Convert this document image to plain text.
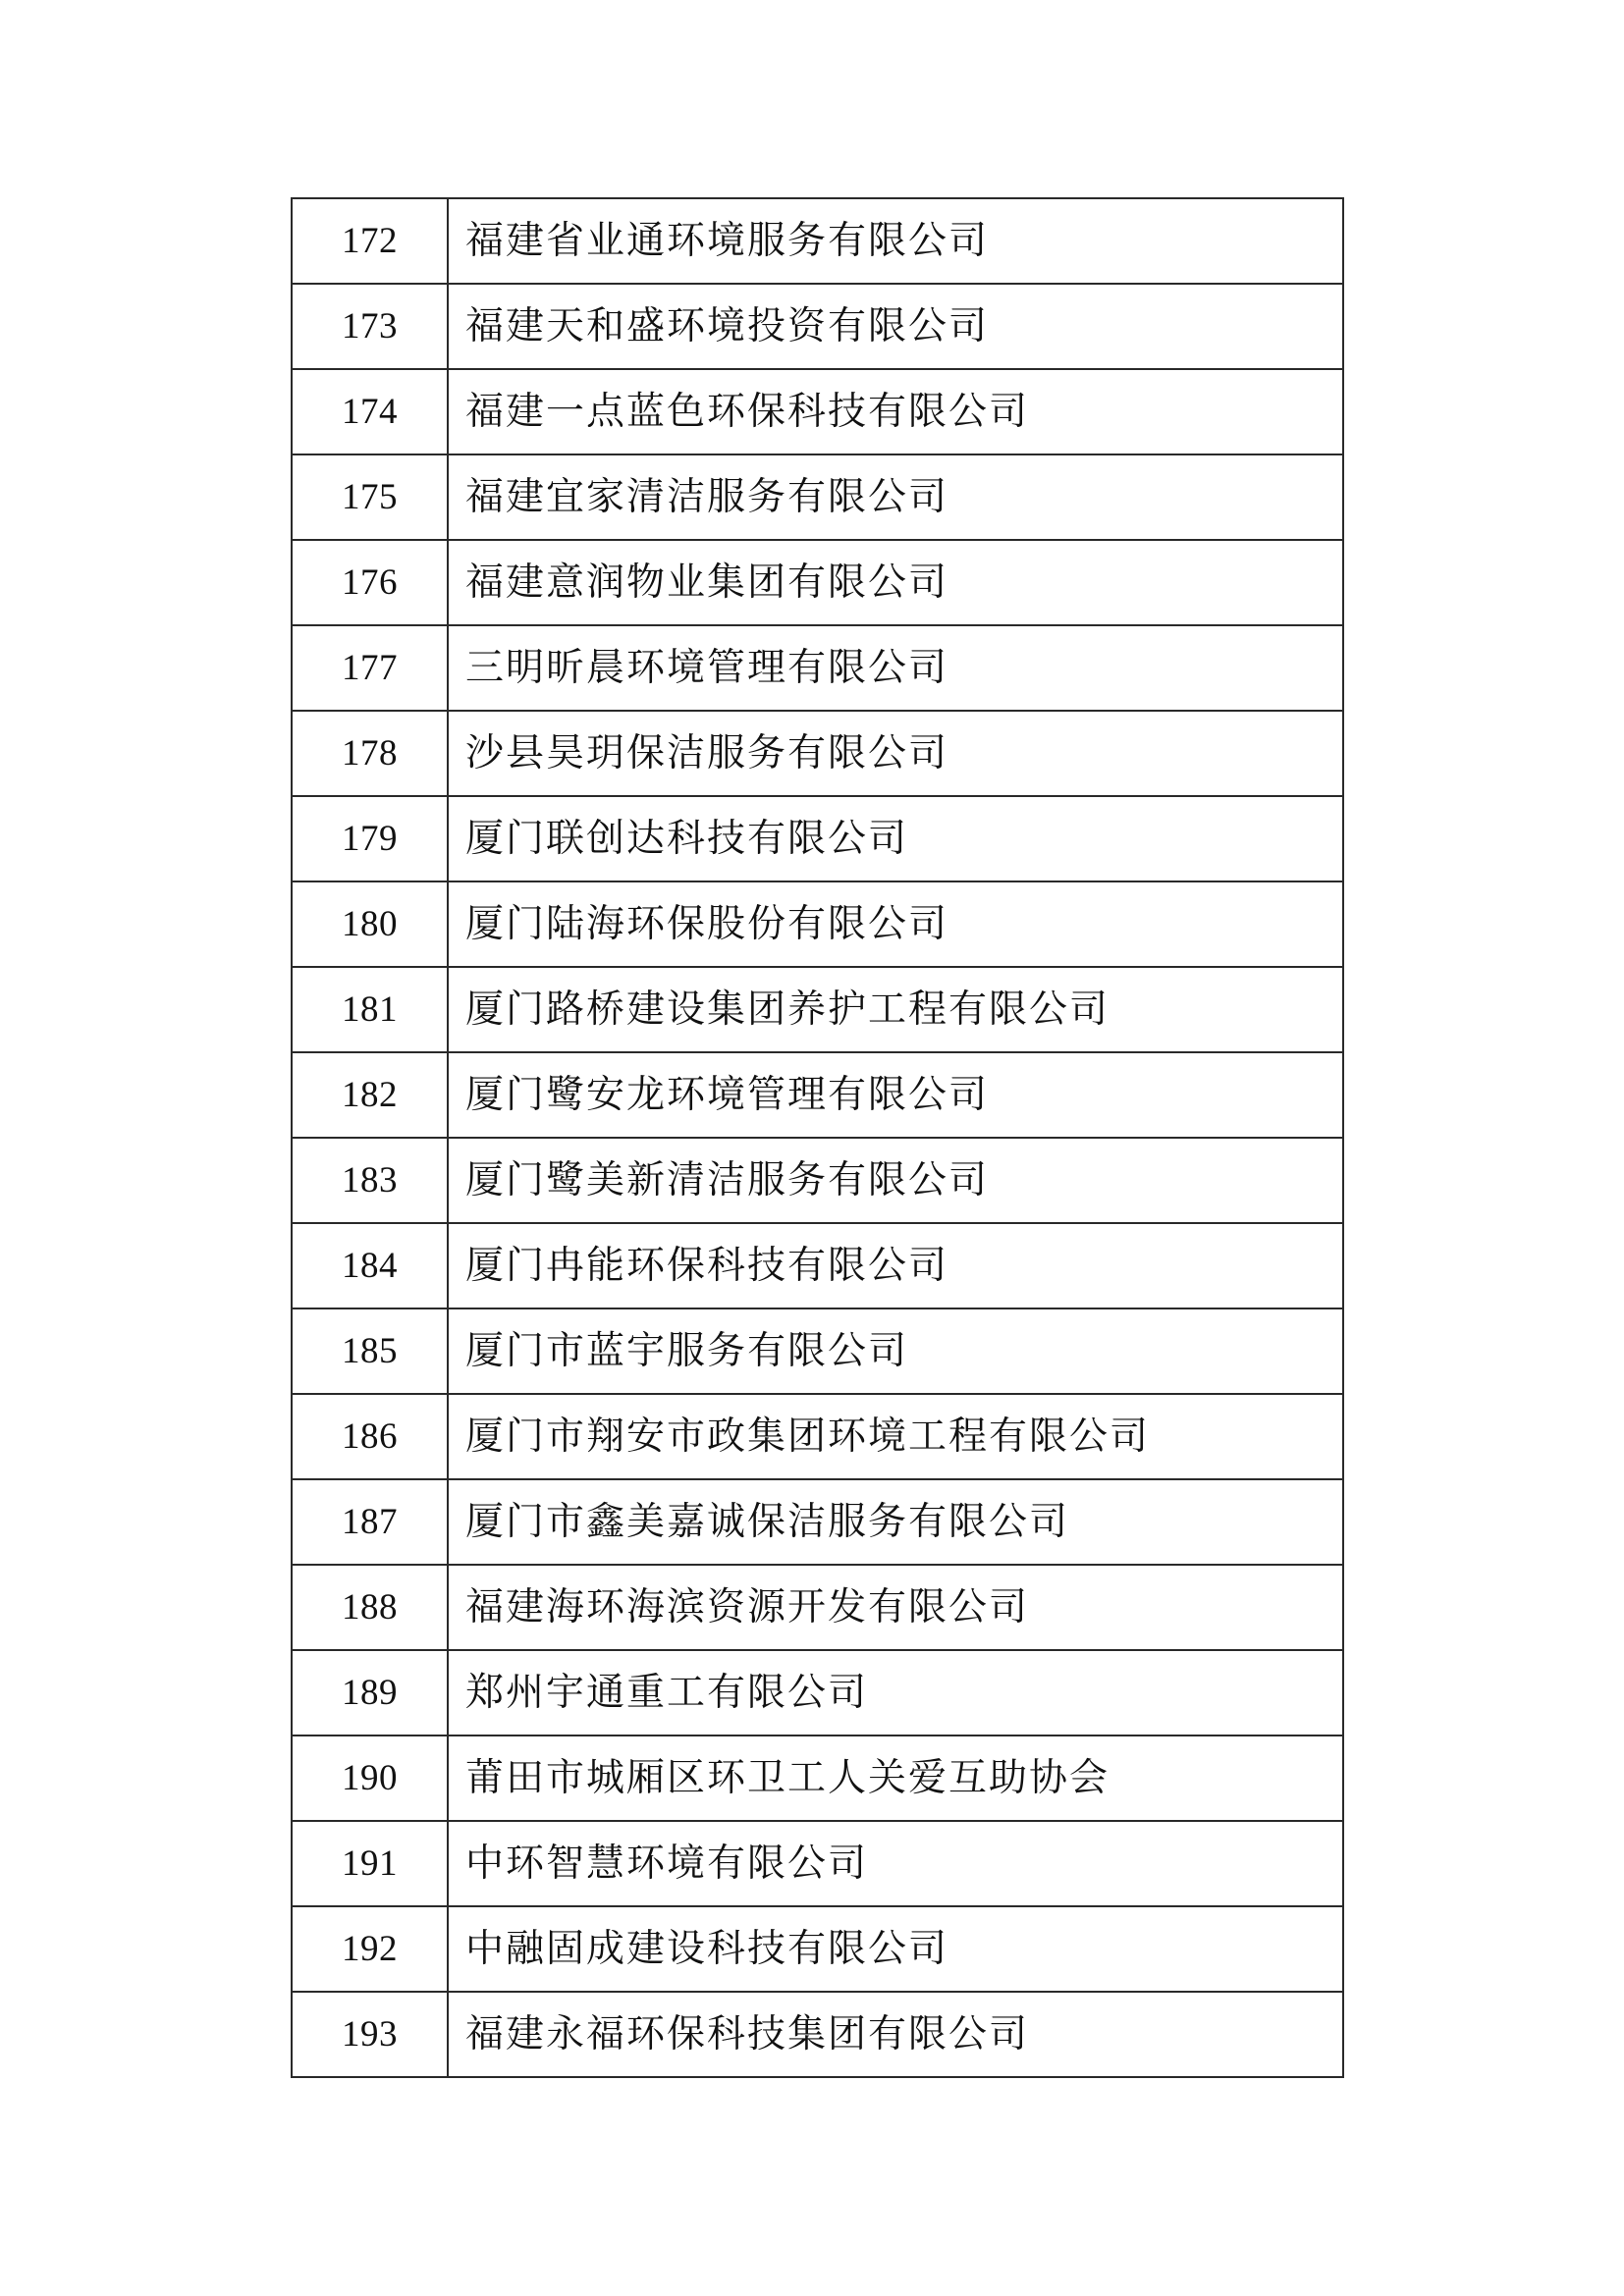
172	福建省业通环境服务有限公司
173	福建天和盛环境投资有限公司
174	福建一点蓝色环保科技有限公司
175	福建宜家清洁服务有限公司
176	福建意润物业集团有限公司
177	三明昕晨环境管理有限公司
178	沙县昊玥保洁服务有限公司
179	厦门联创达科技有限公司
180	厦门陆海环保股份有限公司
181	厦门路桥建设集团养护工程有限公司
182	厦门鹭安龙环境管理有限公司
183	厦门鹭美新清洁服务有限公司
184	厦门冉能环保科技有限公司
185	厦门市蓝宇服务有限公司
186	厦门市翔安市政集团环境工程有限公司
187	厦门市鑫美嘉诚保洁服务有限公司
188	福建海环海滨资源开发有限公司
189	郑州宇通重工有限公司
190	莆田市城厢区环卫工人关爱互助协会
191	中环智慧环境有限公司
192	中融固成建设科技有限公司
193	福建永福环保科技集团有限公司
